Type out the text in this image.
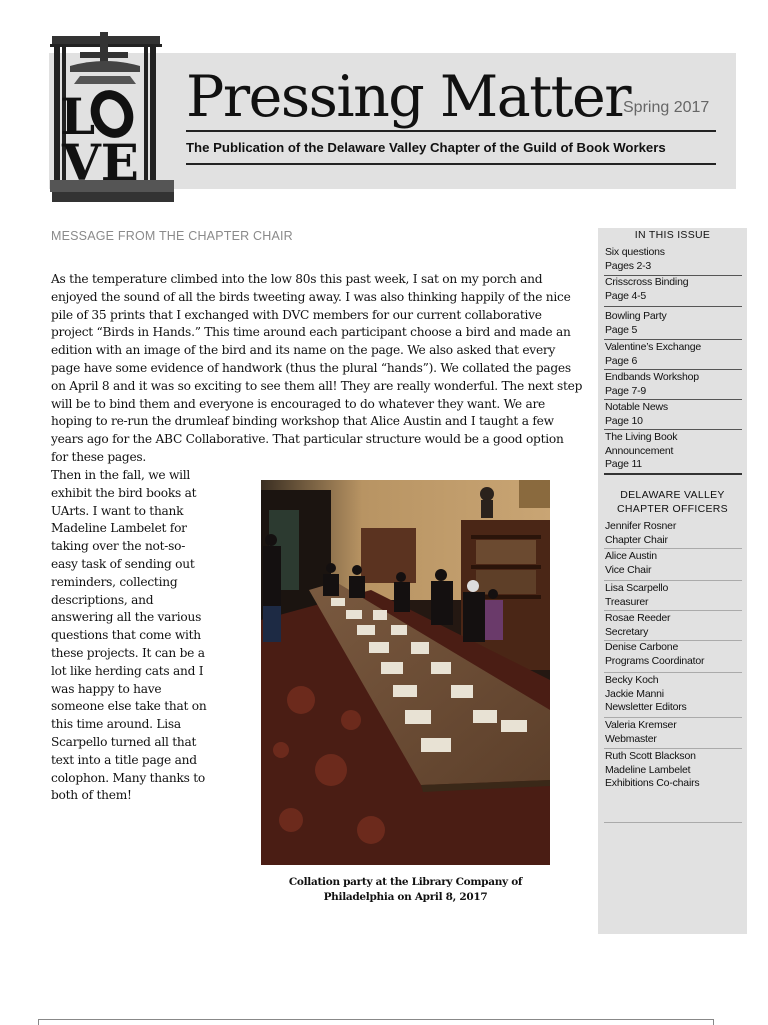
L
VE
Pressing Matter
Spring 2017
The Publication of the Delaware Valley Chapter of the Guild of Book Workers
MESSAGE FROM THE CHAPTER CHAIR

As the temperature climbed into the low 80s this past week, I sat on my porch and enjoyed the sound of all the birds tweeting away. I was also thinking happily of the nice pile of 35 prints that I exchanged with DVC members for our current collaborative project “Birds in Hands.” This time around each participant choose a bird and made an edition with an image of the bird and its name on the page. We also asked that every page have some evidence of handwork (thus the plural “hands”). We collated the pages on April 8 and it was so exciting to see them all! They are really wonderful. The next step will be to bind them and everyone is encouraged to do whatever they want. We are hoping to re-run the drumleaf binding workshop that Alice Austin and I taught a few years ago for the ABC Collaborative. That particular structure would be a good option for these pages.

Then in the fall, we will exhibit the bird books at UArts. I want to thank Madeline Lambelet for taking over the not-so-easy task of sending out reminders, collecting descriptions, and answering all the various questions that come with these projects. It can be a lot like herding cats and I was happy to have someone else take that on this time around. Lisa Scarpello turned all that text into a title page and colophon. Many thanks to both of them!

Collation party at the Library Company of
Philadelphia on April 8, 2017
IN THIS ISSUE
Six questions
Pages 2-3
Crisscross Binding
Page 4-5
Bowling Party
Page 5
Valentine’s Exchange
Page 6
Endbands Workshop
Page 7-9
Notable News
Page 10
The Living Book
Announcement
Page 11
DELAWARE VALLEY
CHAPTER OFFICERS
Jennifer Rosner
Chapter Chair
Alice Austin
Vice Chair
Lisa Scarpello
Treasurer
Rosae Reeder
Secretary
Denise Carbone
Programs Coordinator
Becky Koch
Jackie Manni
Newsletter Editors
Valeria Kremser
Webmaster
Ruth Scott Blackson
Madeline Lambelet
Exhibitions Co-chairs
